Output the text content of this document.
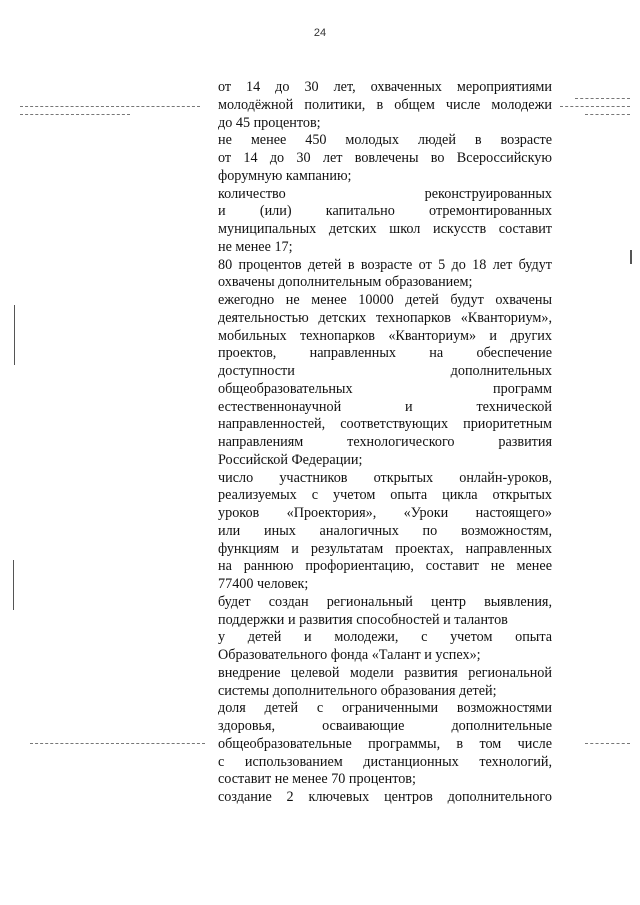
24
от 14 до 30 лет, охваченных мероприятиями
молодёжной политики, в общем числе молодежи
до 45 процентов;
не менее 450 молодых людей в возрасте
от 14 до 30 лет вовлечены во Всероссийскую
форумную кампанию;
количество реконструированных
и (или) капитально отремонтированных
муниципальных детских школ искусств составит
не менее 17;
80 процентов детей в возрасте от 5 до 18 лет будут
охвачены дополнительным образованием;
ежегодно не менее 10000 детей будут охвачены
деятельностью детских технопарков «Кванториум»,
мобильных технопарков «Кванториум» и других
проектов, направленных на обеспечение
доступности дополнительных
общеобразовательных программ
естественнонаучной и технической
направленностей, соответствующих приоритетным
направлениям технологического развития
Российской Федерации;
число участников открытых онлайн-уроков,
реализуемых с учетом опыта цикла открытых
уроков «Проектория», «Уроки настоящего»
или иных аналогичных по возможностям,
функциям и результатам проектах, направленных
на раннюю профориентацию, составит не менее
77400 человек;
будет создан региональный центр выявления,
поддержки и развития способностей и талантов
у детей и молодежи, с учетом опыта
Образовательного фонда «Талант и успех»;
внедрение целевой модели развития региональной
системы дополнительного образования детей;
доля детей с ограниченными возможностями
здоровья, осваивающие дополнительные
общеобразовательные программы, в том числе
с использованием дистанционных технологий,
составит не менее 70 процентов;
создание 2 ключевых центров дополнительного
